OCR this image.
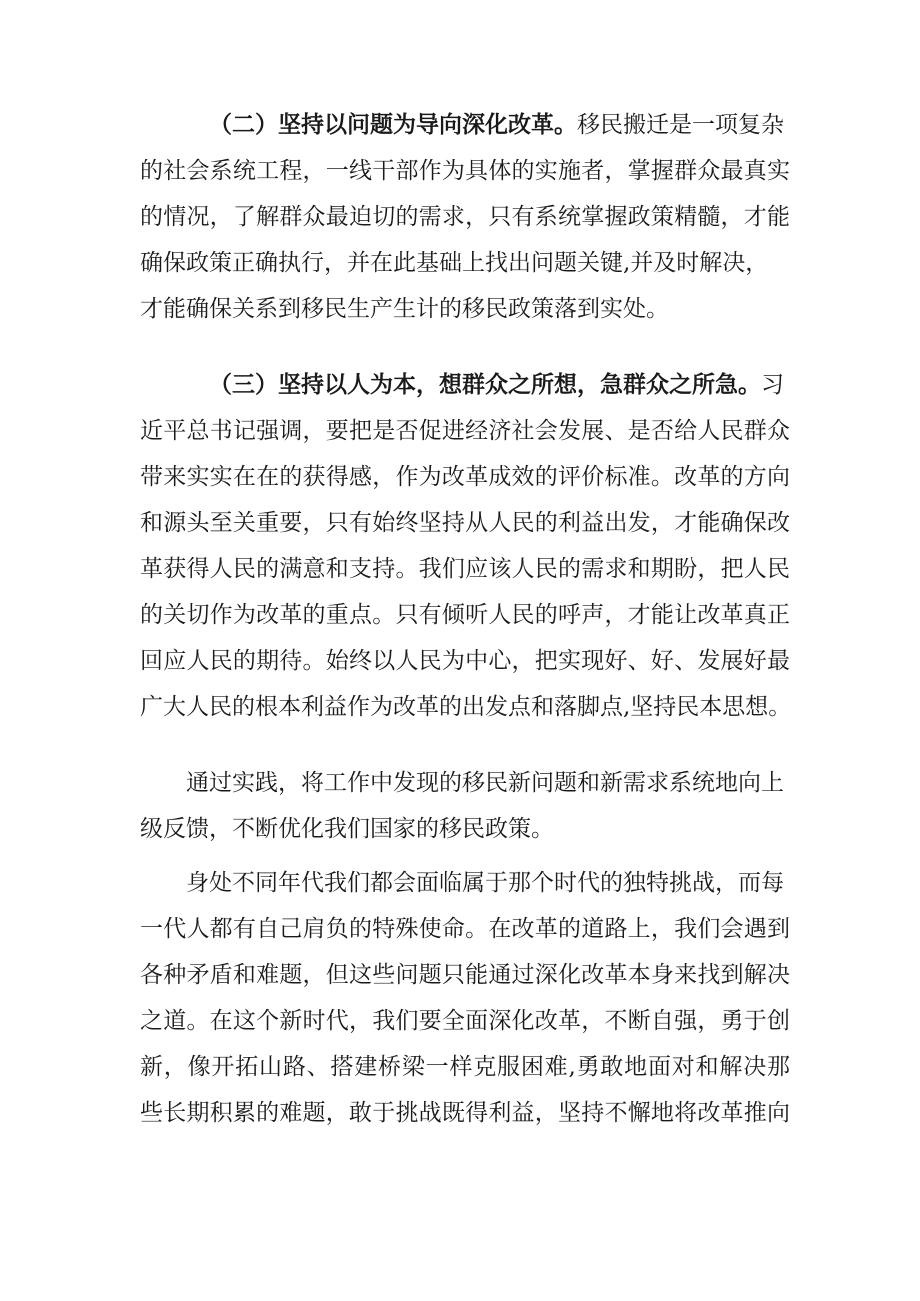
（二）坚持以问题为导向深化改革。移民搬迁是一项复杂
的社会系统工程，一线干部作为具体的实施者，掌握群众最真实
的情况，了解群众最迫切的需求，只有系统掌握政策精髓，才能
确保政策正确执行，并在此基础上找出问题关键,并及时解决，
才能确保关系到移民生产生计的移民政策落到实处。
（三）坚持以人为本，想群众之所想，急群众之所急。习
近平总书记强调，要把是否促进经济社会发展、是否给人民群众
带来实实在在的获得感，作为改革成效的评价标准。改革的方向
和源头至关重要，只有始终坚持从人民的利益出发，才能确保改
革获得人民的满意和支持。我们应该人民的需求和期盼，把人民
的关切作为改革的重点。只有倾听人民的呼声，才能让改革真正
回应人民的期待。始终以人民为中心，把实现好、好、发展好最
广大人民的根本利益作为改革的出发点和落脚点,坚持民本思想。
通过实践，将工作中发现的移民新问题和新需求系统地向上
级反馈，不断优化我们国家的移民政策。
身处不同年代我们都会面临属于那个时代的独特挑战，而每
一代人都有自己肩负的特殊使命。在改革的道路上，我们会遇到
各种矛盾和难题，但这些问题只能通过深化改革本身来找到解决
之道。在这个新时代，我们要全面深化改革，不断自强，勇于创
新，像开拓山路、搭建桥梁一样克服困难,勇敢地面对和解决那
些长期积累的难题，敢于挑战既得利益，坚持不懈地将改革推向
